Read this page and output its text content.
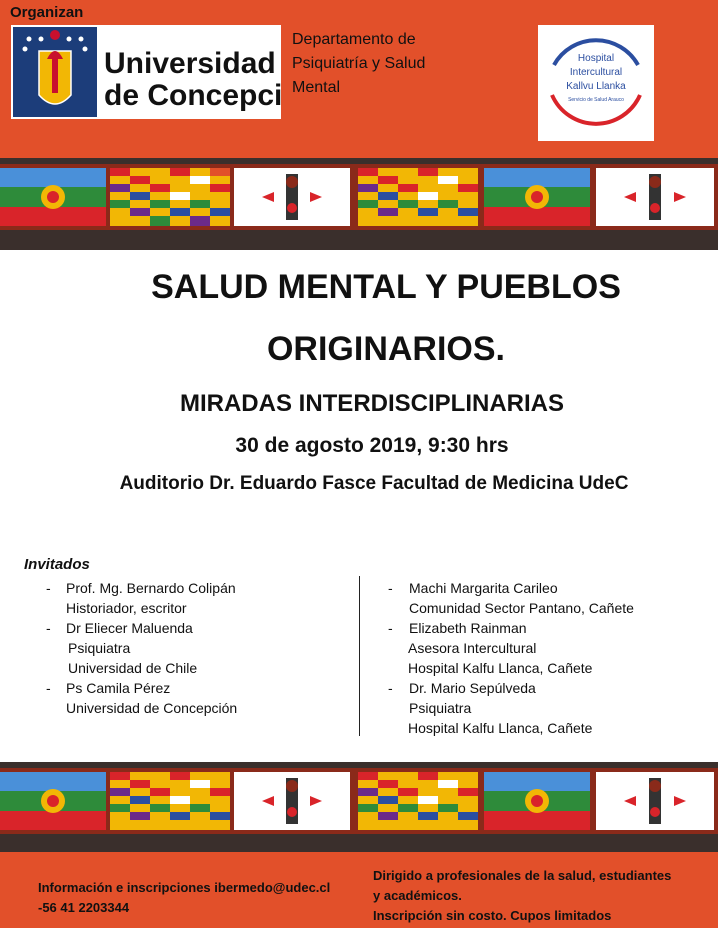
Organizan
Universidad
de Concepci
Departamento de Psiquiatría y Salud Mental
Hospital
Intercultural
Kallvu Llanka
Servicio de Salud Arauco
SALUD MENTAL Y PUEBLOS
ORIGINARIOS.
MIRADAS INTERDISCIPLINARIAS
30 de agosto 2019, 9:30 hrs
Auditorio Dr. Eduardo Fasce Facultad de Medicina UdeC
Invitados
- Prof. Mg. Bernardo Colipán
Historiador, escritor
- Dr Eliecer Maluenda
Psiquiatra
Universidad de Chile
- Ps Camila Pérez
Universidad de Concepción
- Machi Margarita Carileo
Comunidad Sector Pantano, Cañete
- Elizabeth Rainman
Asesora Intercultural
Hospital Kalfu Llanca, Cañete
- Dr. Mario Sepúlveda
Psiquiatra
Hospital Kalfu Llanca, Cañete
Información e inscripciones ibermedo@udec.cl
-56 41 2203344
Dirigido a profesionales de la salud, estudiantes
y académicos.
Inscripción sin costo. Cupos limitados
